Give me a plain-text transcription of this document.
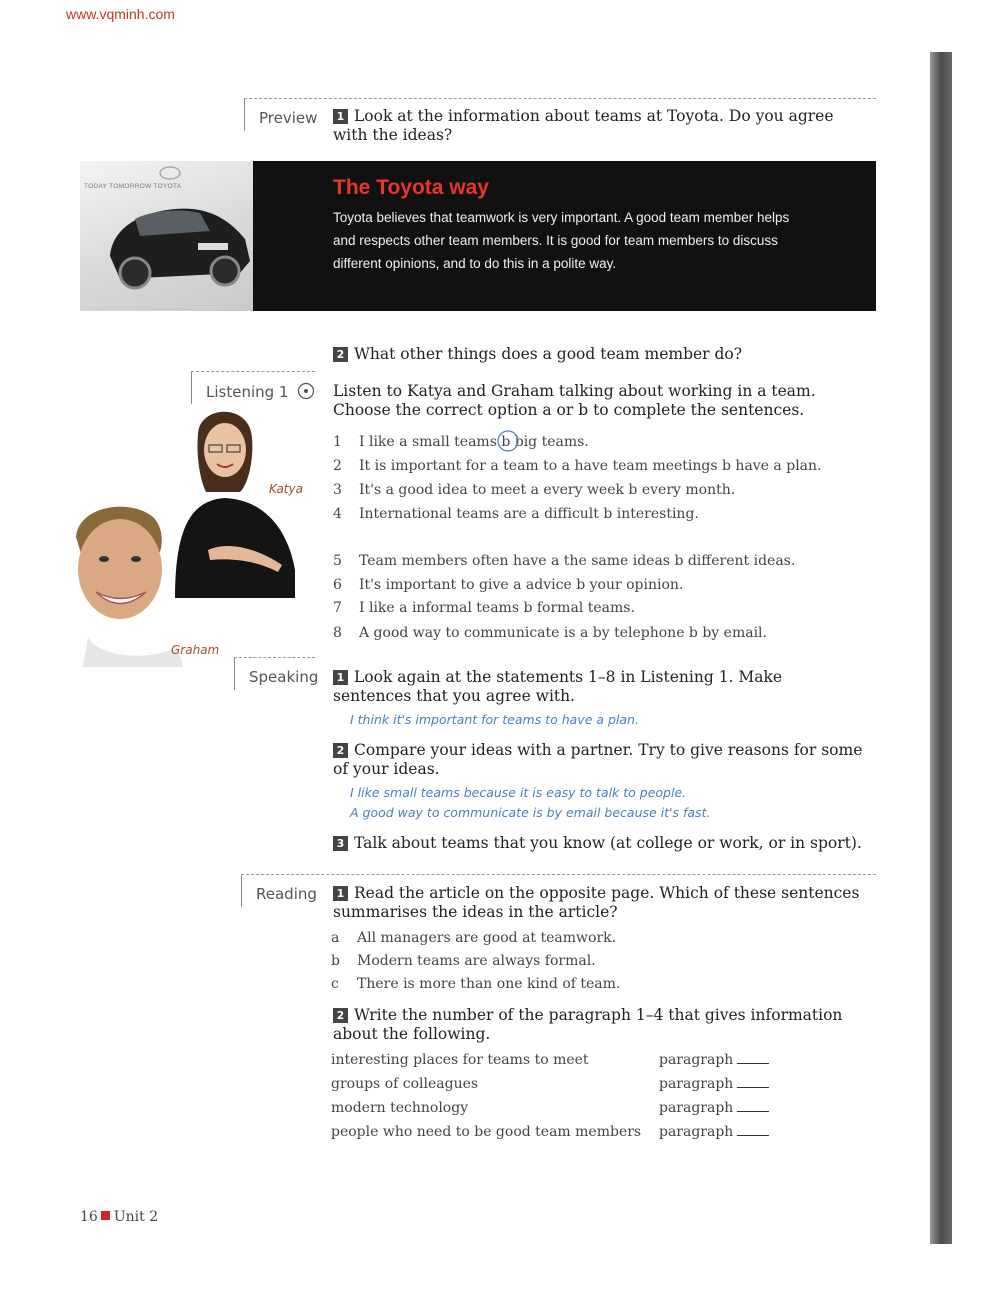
www.vqminh.com
Preview	1 Look at the information about teams at Toyota. Do you agree with the ideas?
TODAY TOMORROW TOYOTA	The Toyota way
Toyota believes that teamwork is very important. A good team member helps and respects other team members. It is good for team members to discuss different opinions, and to do this in a polite way.
2 What other things does a good team member do?
Listening 1	Listen to Katya and Graham talking about working in a team. Choose the correct option a or b to complete the sentences.
Katya
Graham
1 I like a small teams b big teams.
2 It is important for a team to a have team meetings b have a plan.
3 It's a good idea to meet a every week b every month.
4 International teams are a difficult b interesting.
5 Team members often have a the same ideas b different ideas.
6 It's important to give a advice b your opinion.
7 I like a informal teams b formal teams.
8 A good way to communicate is a by telephone b by email.
Speaking	1 Look again at the statements 1–8 in Listening 1. Make sentences that you agree with.
I think it's important for teams to have a plan.
2 Compare your ideas with a partner. Try to give reasons for some of your ideas.
I like small teams because it is easy to talk to people.
A good way to communicate is by email because it's fast.
3 Talk about teams that you know (at college or work, or in sport).
Reading	1 Read the article on the opposite page. Which of these sentences summarises the ideas in the article?
a All managers are good at teamwork.
b Modern teams are always formal.
c There is more than one kind of team.
2 Write the number of the paragraph 1–4 that gives information about the following.
interesting places for teams to meet	paragraph
groups of colleagues	paragraph
modern technology	paragraph
people who need to be good team members paragraph
16 Unit 2
